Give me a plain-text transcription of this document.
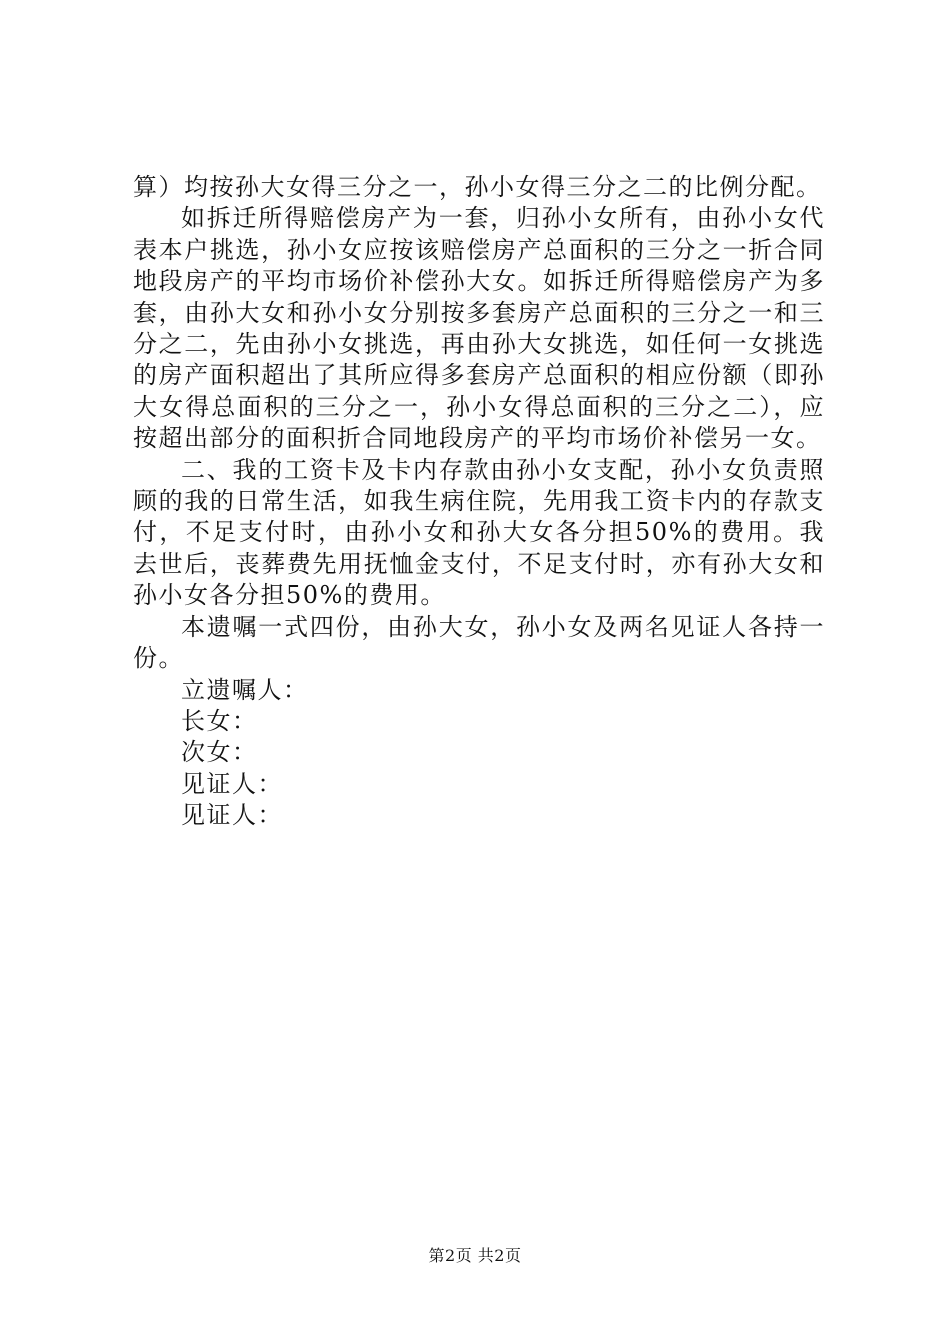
算）均按孙大女得三分之一，孙小女得三分之二的比例分配。

如拆迁所得赔偿房产为一套，归孙小女所有，由孙小女代表本户挑选，孙小女应按该赔偿房产总面积的三分之一折合同地段房产的平均市场价补偿孙大女。如拆迁所得赔偿房产为多套，由孙大女和孙小女分别按多套房产总面积的三分之一和三分之二，先由孙小女挑选，再由孙大女挑选，如任何一女挑选的房产面积超出了其所应得多套房产总面积的相应份额（即孙大女得总面积的三分之一，孙小女得总面积的三分之二），应按超出部分的面积折合同地段房产的平均市场价补偿另一女。

二、我的工资卡及卡内存款由孙小女支配，孙小女负责照顾的我的日常生活，如我生病住院，先用我工资卡内的存款支付，不足支付时，由孙小女和孙大女各分担50%的费用。我去世后，丧葬费先用抚恤金支付，不足支付时，亦有孙大女和孙小女各分担50%的费用。

本遗嘱一式四份，由孙大女，孙小女及两名见证人各持一份。

立遗嘱人：
长女：
次女：
见证人：
见证人：
第2页 共2页
